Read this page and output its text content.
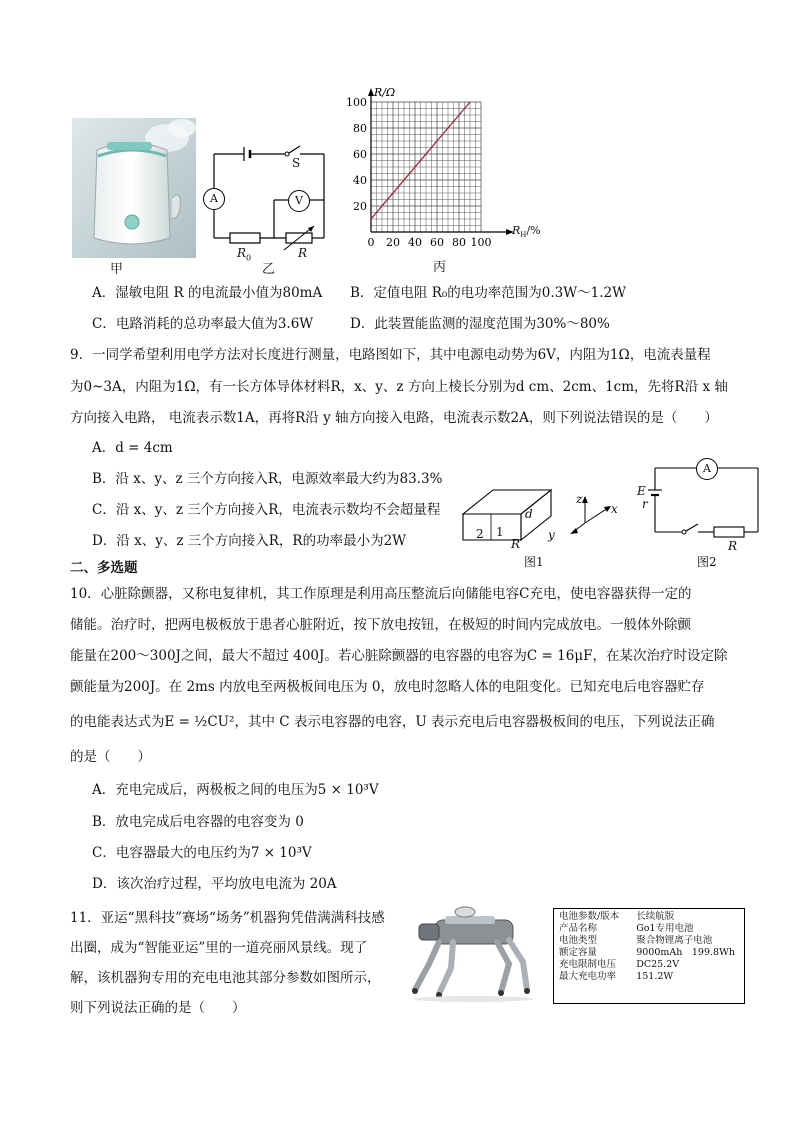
甲
A	V
S
$R_0$	R
乙
R/Ω
20
40
60
80
100
0 20 40 60 80 100
$R_H/\%$
丙
A．湿敏电阻 R 的电流最小值为80mA B．定值电阻 R₀的电功率范围为0.3W～1.2W
C．电路消耗的总功率最大值为3.6W	D．此装置能监测的湿度范围为30%～80%
9．一同学希望利用电学方法对长度进行测量，电路图如下，其中电源电动势为6V，内阻为1Ω，电流表量程
为0~3A，内阻为1Ω，有一长方体导体材料R，x、y、z 方向上棱长分别为d cm、2cm、1cm，先将R沿 x 轴
方向接入电路， 电流表示数1A，再将R沿 y 轴方向接入电路，电流表示数2A，则下列说法错误的是（　　）
A．d = 4cm
B．沿 x、y、z 三个方向接入R，电源效率最大约为83.3%
C．沿 x、y、z 三个方向接入R，电流表示数均不会超量程
D．沿 x、y、z 三个方向接入R，R的功率最小为2W	2 1
d
R
z
x
y
图1
A
E
r
R
图2
二、多选题
10．心脏除颤器，又称电复律机，其工作原理是利用高压整流后向储能电容C充电，使电容器获得一定的
储能。治疗时，把两电极板放于患者心脏附近，按下放电按钮，在极短的时间内完成放电。一般体外除颤
能量在200～300J之间，最大不超过 400J。若心脏除颤器的电容器的电容为C = 16μF，在某次治疗时设定除
颤能量为200J。在 2ms 内放电至两极板间电压为 0，放电时忽略人体的电阻变化。已知充电后电容器贮存
的电能表达式为E = ½CU²，其中 C 表示电容器的电容，U 表示充电后电容器极板间的电压，下列说法正确
的是（　　）
A．充电完成后，两极板之间的电压为5 × 10³V
B．放电完成后电容器的电容变为 0
C．电容器最大的电压约为7 × 10³V
D．该次治疗过程，平均放电电流为 20A
11．亚运“黑科技”赛场“场务”机器狗凭借满满科技感
出圈，成为“智能亚运”里的一道亮丽风景线。现了
解，该机器狗专用的充电电池其部分参数如图所示，
则下列说法正确的是（　　）
电池参数/版本	长续航版
产品名称	Go1专用电池
电池类型	聚合物锂离子电池
额定容量	9000mAh　199.8Wh
充电限制电压	DC25.2V
最大充电功率	151.2W
